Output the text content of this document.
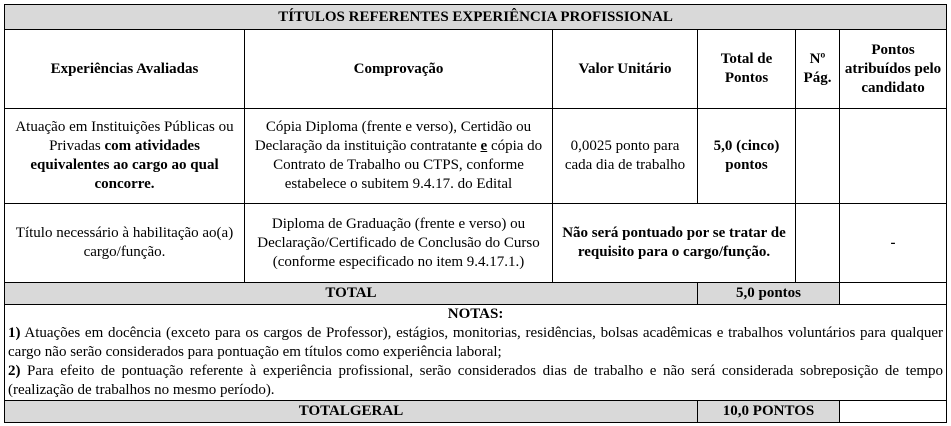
TÍTULOS REFERENTES EXPERIÊNCIA PROFISSIONAL					
Experiências Avaliadas	Comprovação	Valor Unitário	Total de Pontos	Nº Pág.	Pontos atribuídos pelo candidato
Atuação em Instituições Públicas ou Privadas com atividades equivalentes ao cargo ao qual concorre.	Cópia Diploma (frente e verso), Certidão ou Declaração da instituição contratante e cópia do Contrato de Trabalho ou CTPS, conforme estabelece o subitem 9.4.17. do Edital	0,0025 ponto para cada dia de trabalho	5,0 (cinco) pontos		
Título necessário à habilitação ao(a) cargo/função.	Diploma de Graduação (frente e verso) ou Declaração/Certificado de Conclusão do Curso (conforme especificado no item 9.4.17.1.)	Não será pontuado por se tratar de requisito para o cargo/função.			-
TOTAL			5,0 pontos		

NOTAS:

1) Atuações em docência (exceto para os cargos de Professor), estágios, monitorias, residências, bolsas acadêmicas e trabalhos voluntários para qualquer cargo não serão considerados para pontuação em títulos como experiência laboral;

2) Para efeito de pontuação referente à experiência profissional, serão considerados dias de trabalho e não será considerada sobreposição de tempo (realização de trabalhos no mesmo período).					

TOTALGERAL			10,0 PONTOS		
